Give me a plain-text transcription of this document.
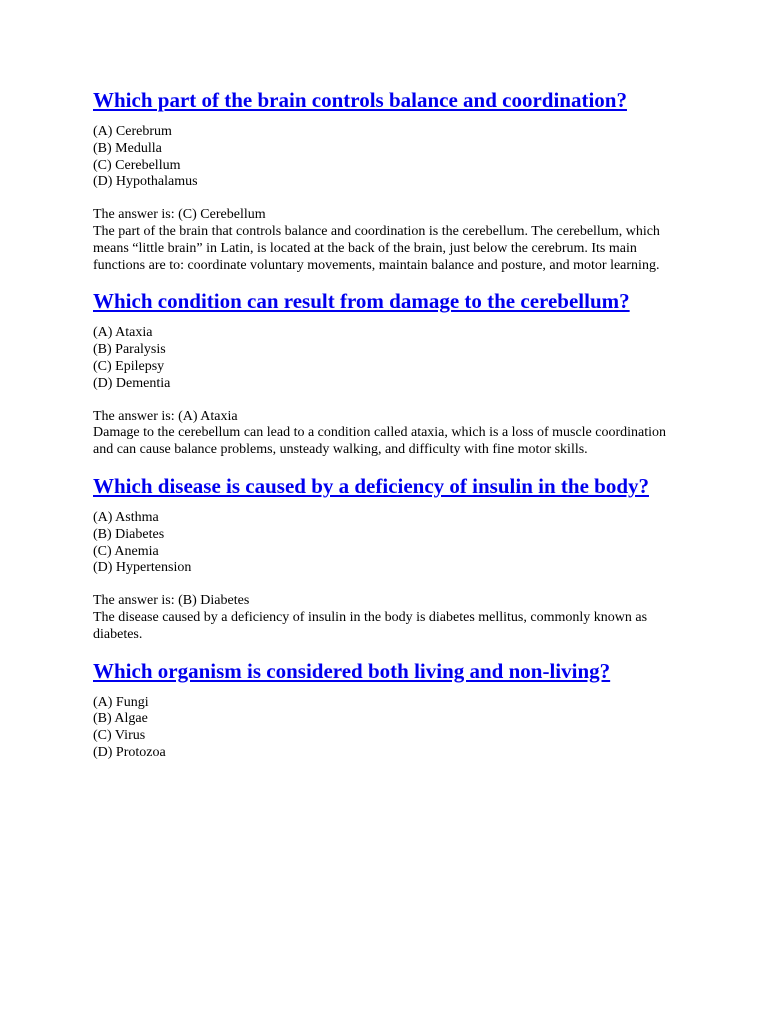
Which part of the brain controls balance and coordination?
(A) Cerebrum
(B) Medulla
(C) Cerebellum
(D) Hypothalamus

The answer is: (C) Cerebellum

The part of the brain that controls balance and coordination is the cerebellum. The cerebellum, which means “little brain” in Latin, is located at the back of the brain, just below the cerebrum. Its main functions are to: coordinate voluntary movements, maintain balance and posture, and motor learning.

Which condition can result from damage to the cerebellum?
(A) Ataxia
(B) Paralysis
(C) Epilepsy
(D) Dementia

The answer is: (A) Ataxia

Damage to the cerebellum can lead to a condition called ataxia, which is a loss of muscle coordination and can cause balance problems, unsteady walking, and difficulty with fine motor skills.

Which disease is caused by a deficiency of insulin in the body?
(A) Asthma
(B) Diabetes
(C) Anemia
(D) Hypertension

The answer is: (B) Diabetes

The disease caused by a deficiency of insulin in the body is diabetes mellitus, commonly known as diabetes.

Which organism is considered both living and non-living?
(A) Fungi
(B) Algae
(C) Virus
(D) Protozoa
